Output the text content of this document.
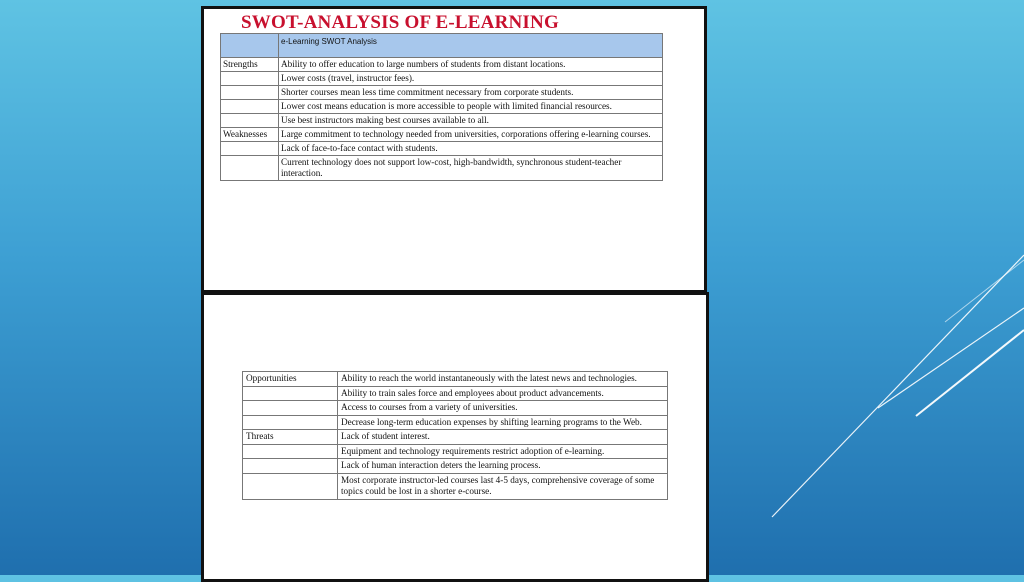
SWOT-ANALYSIS OF E-LEARNING
	e-Learning SWOT Analysis
Strengths	Ability to offer education to large numbers of students from distant locations.
	Lower costs (travel, instructor fees).
	Shorter courses mean less time commitment necessary from corporate students.
	Lower cost means education is more accessible to people with limited financial resources.
	Use best instructors making best courses available to all.
Weaknesses	Large commitment to technology needed from universities, corporations offering e-learning courses.
	Lack of face-to-face contact with students.
	Current technology does not support low-cost, high-bandwidth, synchronous student-teacher interaction.
Opportunities	Ability to reach the world instantaneously with the latest news and technologies.
	Ability to train sales force and employees about product advancements.
	Access to courses from a variety of universities.
	Decrease long-term education expenses by shifting learning programs to the Web.
Threats	Lack of student interest.
	Equipment and technology requirements restrict adoption of e-learning.
	Lack of human interaction deters the learning process.
	Most corporate instructor-led courses last 4-5 days, comprehensive coverage of some topics could be lost in a shorter e-course.
